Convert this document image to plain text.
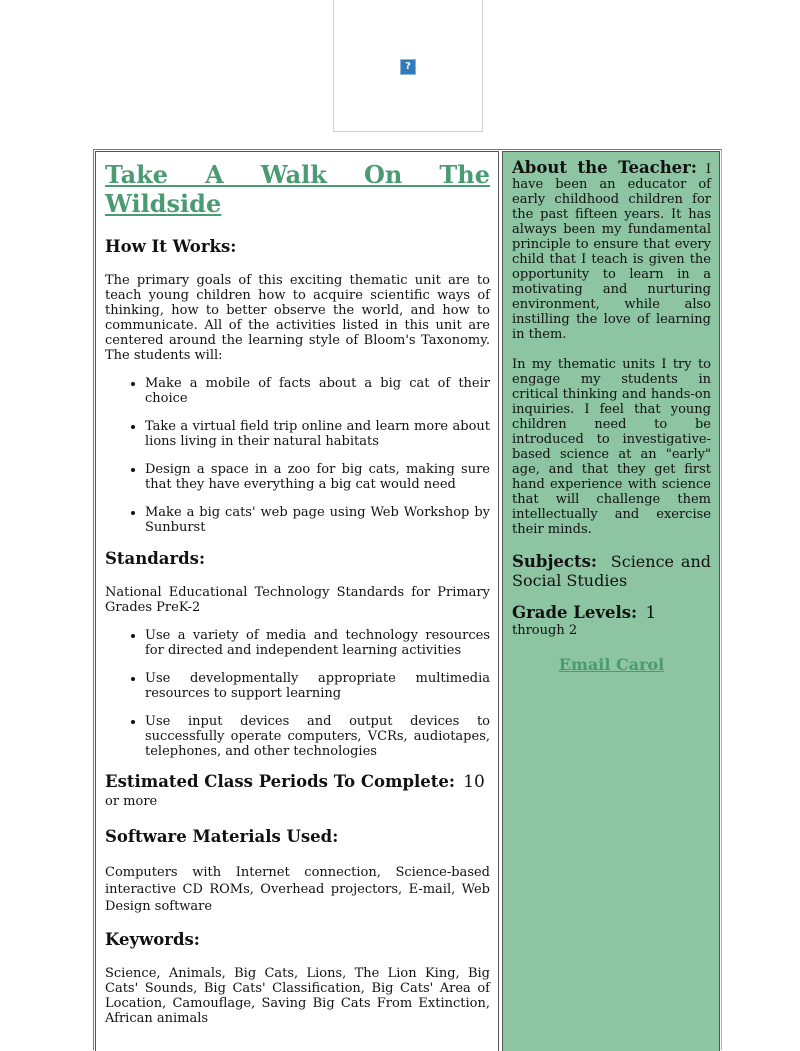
?
Take A Walk On The Wildside
How It Works:

The primary goals of this exciting thematic unit are to teach young children how to acquire scientific ways of thinking, how to better observe the world, and how to communicate. All of the activities listed in this unit are centered around the learning style of Bloom's Taxonomy. The students will:

• Make a mobile of facts about a big cat of their choice
• Take a virtual field trip online and learn more about lions living in their natural habitats
• Design a space in a zoo for big cats, making sure that they have everything a big cat would need
• Make a big cats' web page using Web Workshop by Sunburst
Standards:

National Educational Technology Standards for Primary Grades PreK-2

• Use a variety of media and technology resources for directed and independent learning activities
• Use developmentally appropriate multimedia resources to support learning
• Use input devices and output devices to successfully operate computers, VCRs, audiotapes, telephones, and other technologies

Estimated Class Periods To Complete: 10 or more

Software Materials Used:

Computers with Internet connection, Science-based interactive CD ROMs, Overhead projectors, E-mail, Web Design software

Keywords:

Science, Animals, Big Cats, Lions, The Lion King, Big Cats' Sounds, Big Cats' Classification, Big Cats' Area of Location, Camouflage, Saving Big Cats From Extinction, African animals

About the Teacher: I have been an educator of early childhood children for the past fifteen years. It has always been my fundamental principle to ensure that every child that I teach is given the opportunity to learn in a motivating and nurturing environment, while also instilling the love of learning in them.

In my thematic units I try to engage my students in critical thinking and hands-on inquiries. I feel that young children need to be introduced to investigative-based science at an "early" age, and that they get first hand experience with science that will challenge them intellectually and exercise their minds.

Subjects: Science and Social Studies

Grade Levels: 1 through 2

Email Carol
